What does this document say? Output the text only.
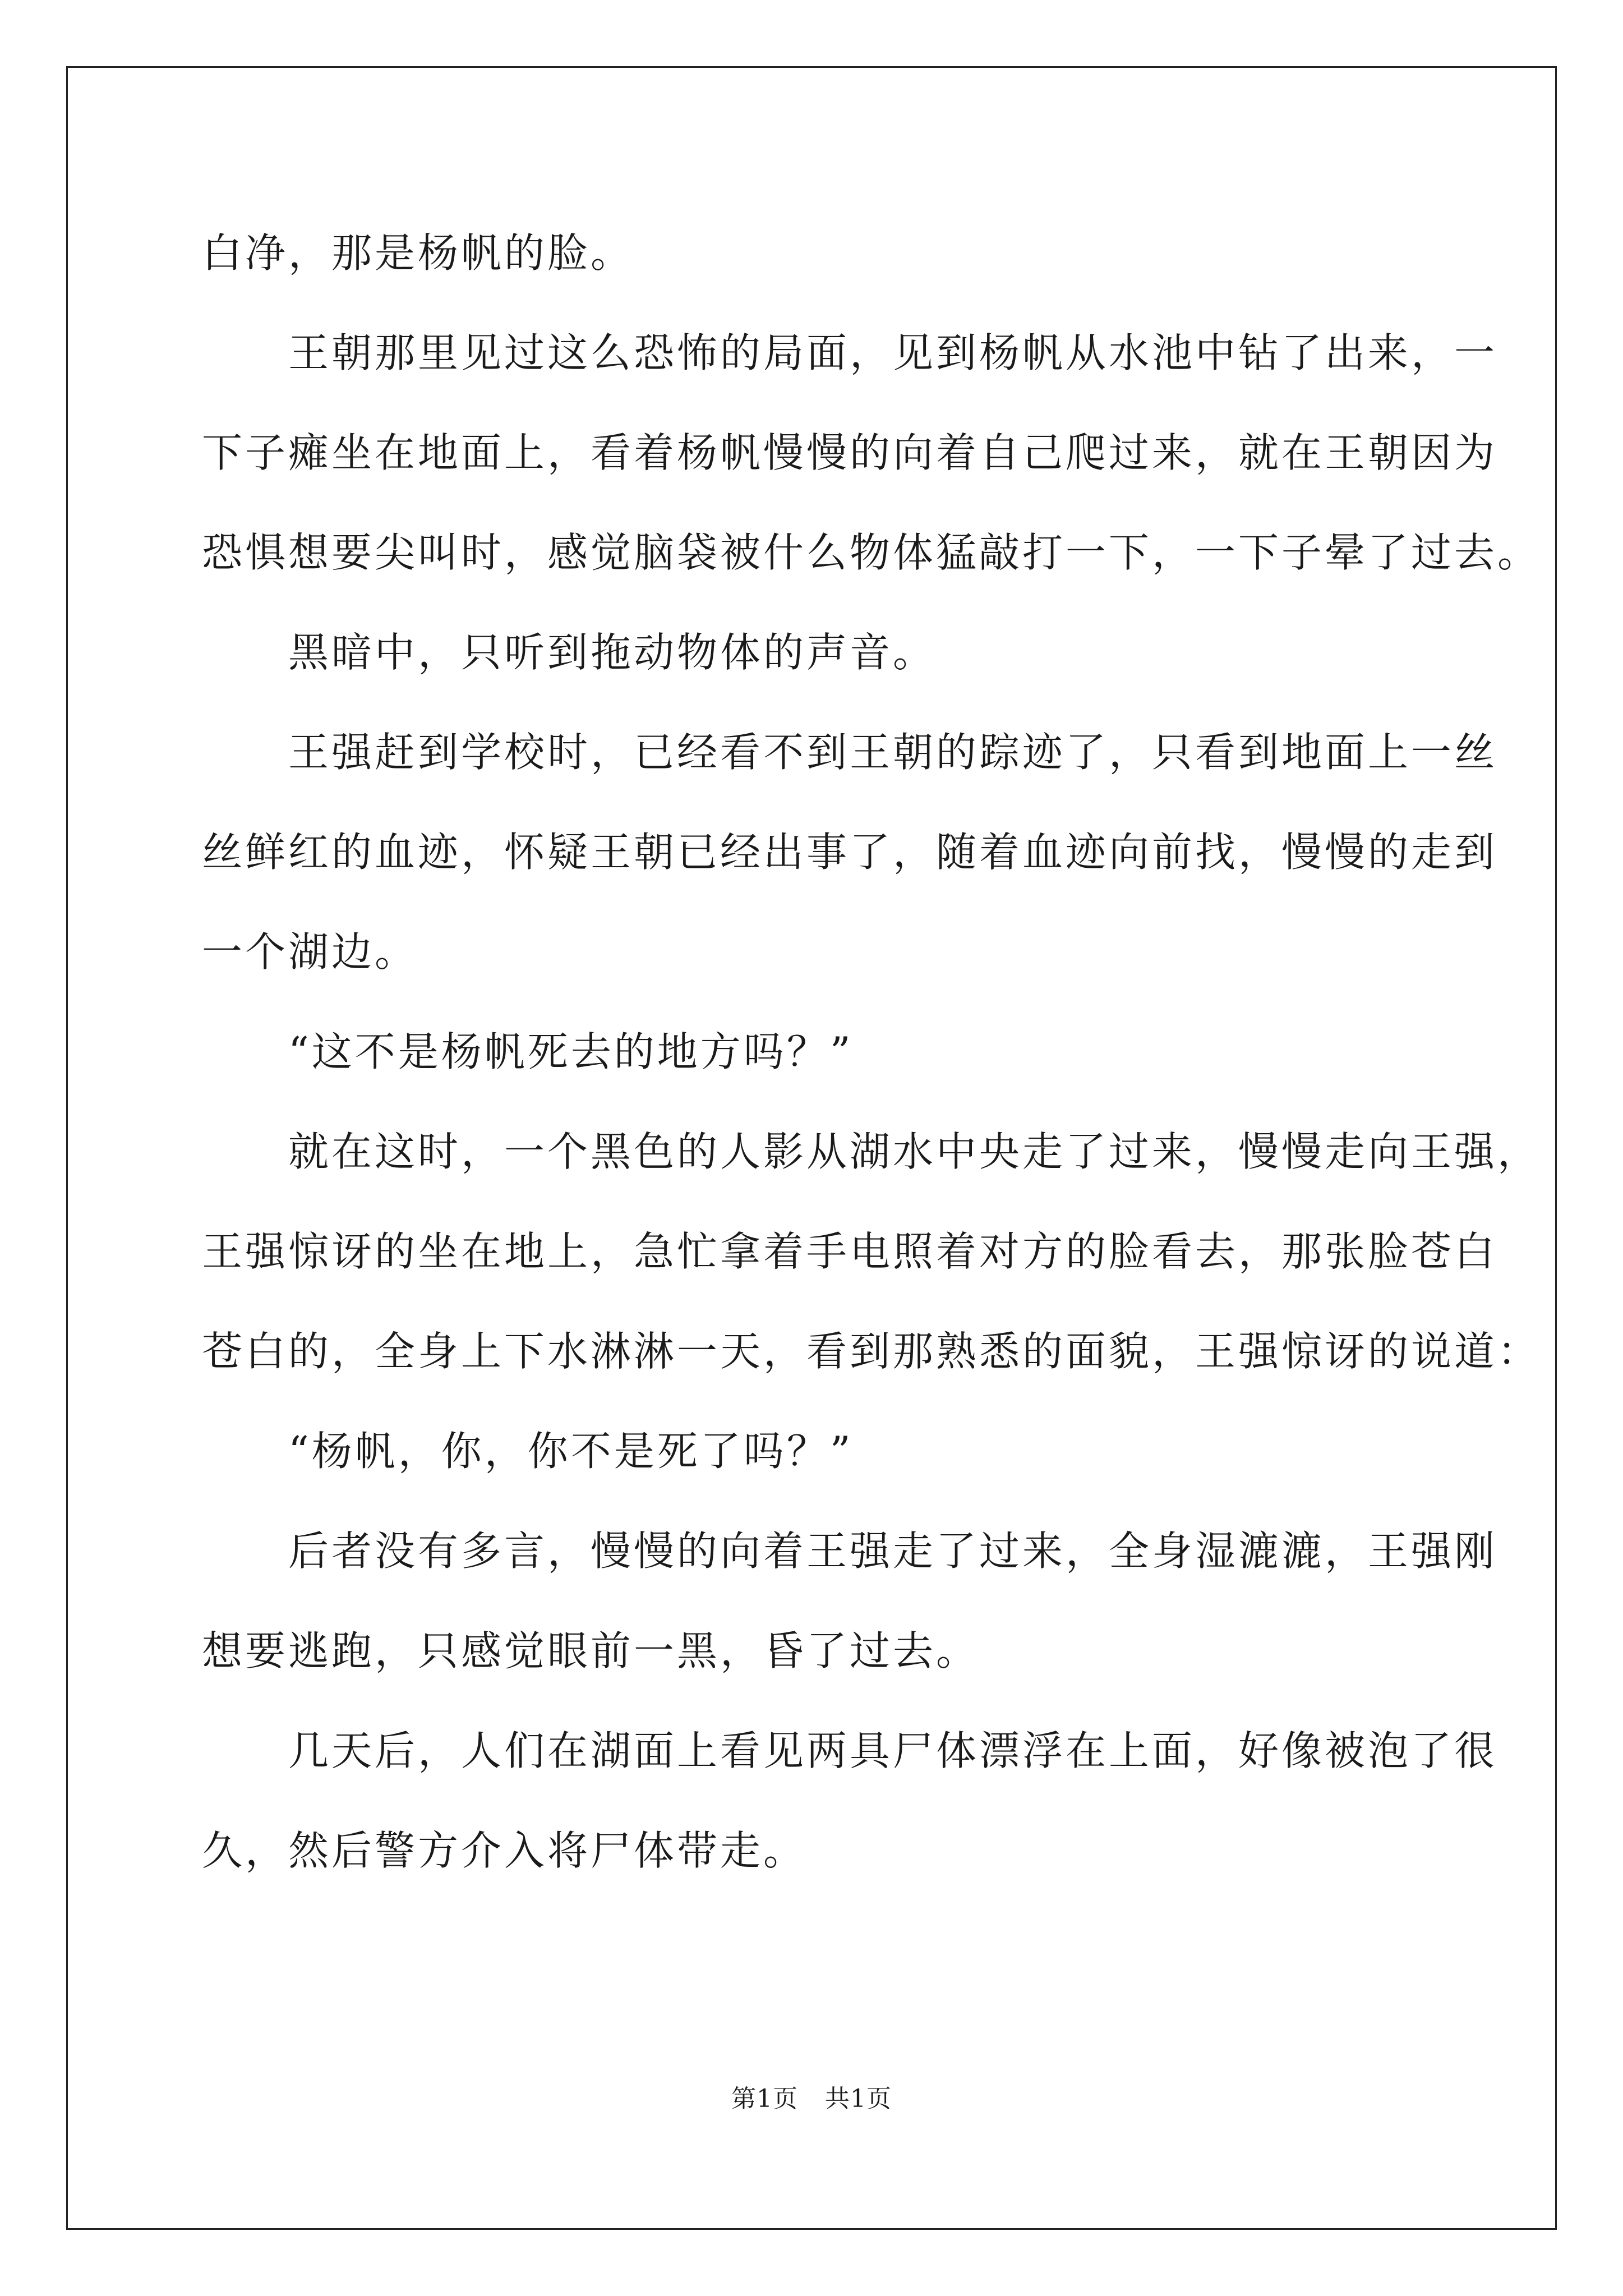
白净，那是杨帆的脸。
　　王朝那里见过这么恐怖的局面，见到杨帆从水池中钻了出来，一
下子瘫坐在地面上，看着杨帆慢慢的向着自己爬过来，就在王朝因为
恐惧想要尖叫时，感觉脑袋被什么物体猛敲打一下，一下子晕了过去。
　　黑暗中，只听到拖动物体的声音。
　　王强赶到学校时，已经看不到王朝的踪迹了，只看到地面上一丝
丝鲜红的血迹，怀疑王朝已经出事了，随着血迹向前找，慢慢的走到
一个湖边。
　　“这不是杨帆死去的地方吗？”
　　就在这时，一个黑色的人影从湖水中央走了过来，慢慢走向王强，
王强惊讶的坐在地上，急忙拿着手电照着对方的脸看去，那张脸苍白
苍白的，全身上下水淋淋一天，看到那熟悉的面貌，王强惊讶的说道：
　　“杨帆，你，你不是死了吗？”
　　后者没有多言，慢慢的向着王强走了过来，全身湿漉漉，王强刚
想要逃跑，只感觉眼前一黑，昏了过去。
　　几天后，人们在湖面上看见两具尸体漂浮在上面，好像被泡了很
久，然后警方介入将尸体带走。
第1页 共1页
